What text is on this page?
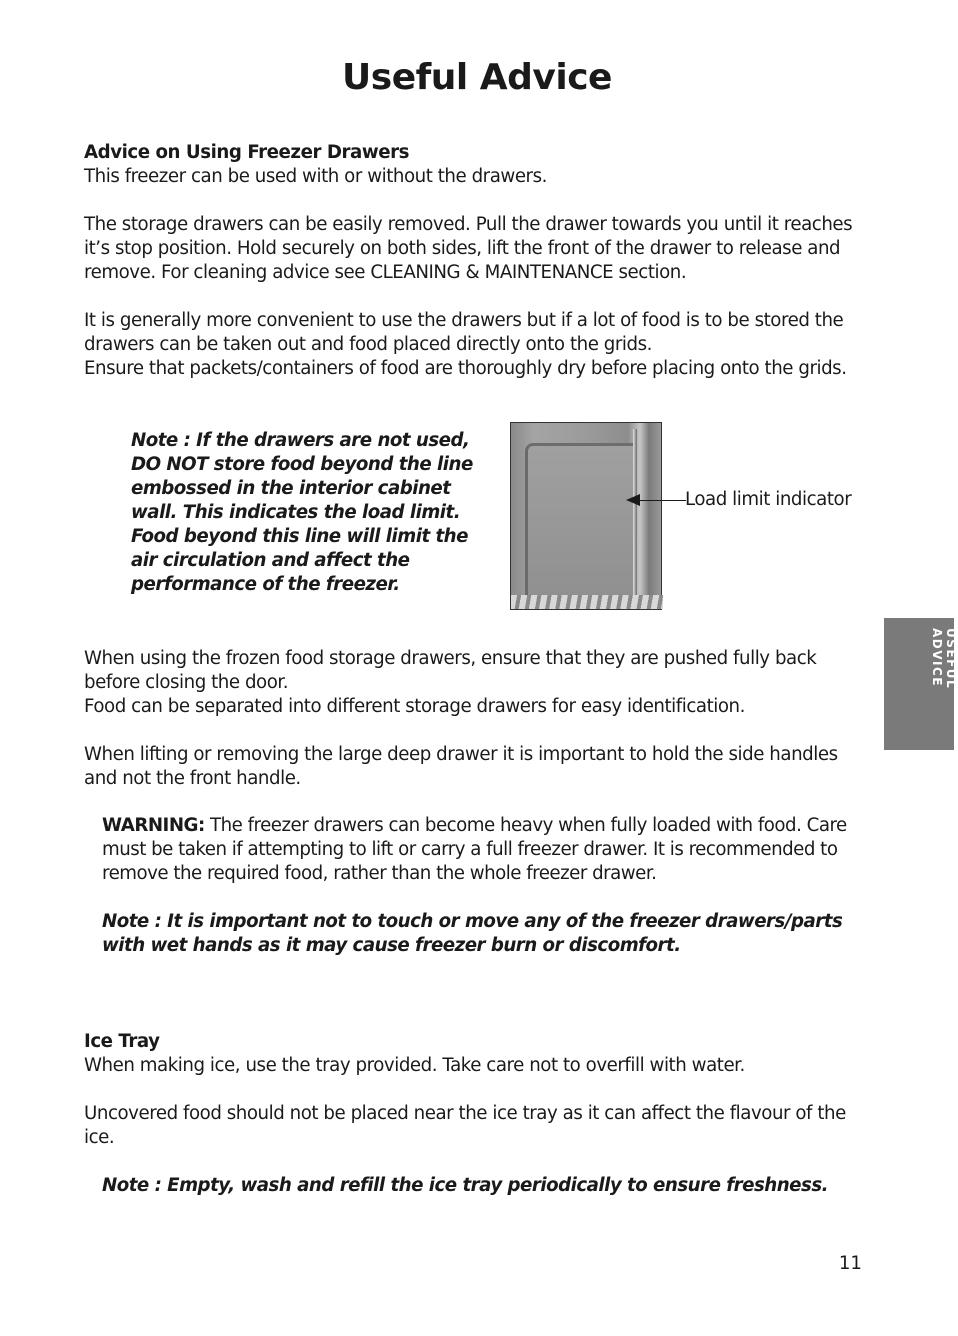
Useful Advice

Advice on Using Freezer Drawers

This freezer can be used with or without the drawers.

The storage drawers can be easily removed. Pull the drawer towards you until it reaches it’s stop position. Hold securely on both sides, lift the front of the drawer to release and remove. For cleaning advice see CLEANING & MAINTENANCE section.

It is generally more convenient to use the drawers but if a lot of food is to be stored the drawers can be taken out and food placed directly onto the grids.

Ensure that packets/containers of food are thoroughly dry before placing onto the grids.

Note : If the drawers are not used, DO NOT store food beyond the line embossed in the interior cabinet wall. This indicates the load limit. Food beyond this line will limit the air circulation and affect the performance of the freezer.
Load limit indicator

When using the frozen food storage drawers, ensure that they are pushed fully back before closing the door.

Food can be separated into different storage drawers for easy identification.

When lifting or removing the large deep drawer it is important to hold the side handles and not the front handle.

WARNING: The freezer drawers can become heavy when fully loaded with food. Care must be taken if attempting to lift or carry a full freezer drawer. It is recommended to remove the required food, rather than the whole freezer drawer.

Note : It is important not to touch or move any of the freezer drawers/parts with wet hands as it may cause freezer burn or discomfort.

Ice Tray

When making ice, use the tray provided. Take care not to overfill with water.

Uncovered food should not be placed near the ice tray as it can affect the flavour of the ice.

Note : Empty, wash and refill the ice tray periodically to ensure freshness.
USEFUL ADVICE
11
